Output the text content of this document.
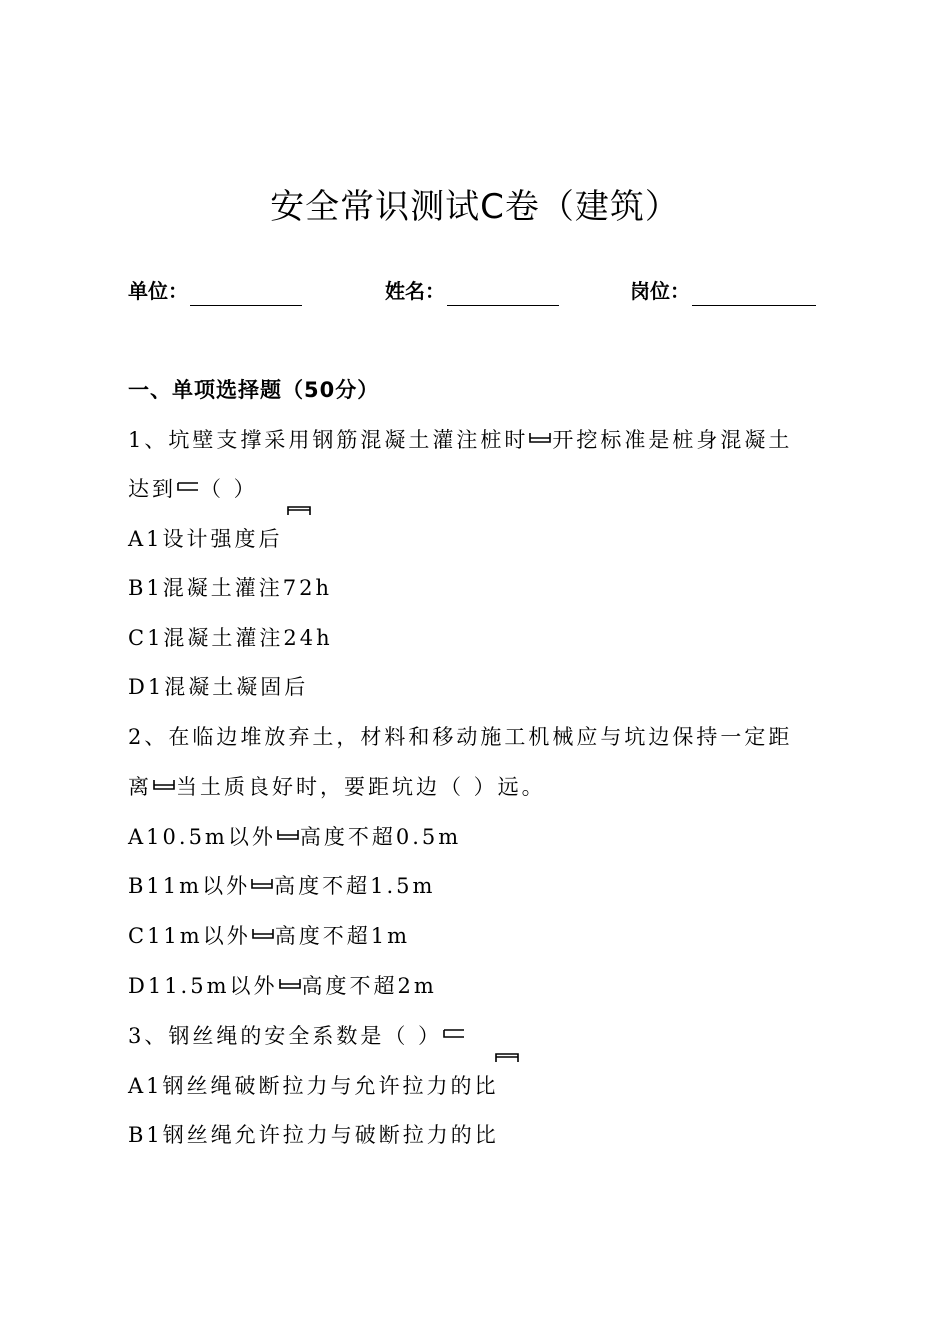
安全常识测试C卷（建筑）
单位：	姓名：	岗位：
一、单项选择题（50分）
1、坑壁支撑采用钢筋混凝土灌注桩时 开挖标准是桩身混凝土
达到 （ ）
A1设计强度后
B1混凝土灌注72h
C1混凝土灌注24h
D1混凝土凝固后
2、在临边堆放弃土，材料和移动施工机械应与坑边保持一定距
离 当土质良好时，要距坑边（ ）远。
A10.5m以外 高度不超0.5m
B11m以外 高度不超1.5m
C11m以外 高度不超1m
D11.5m以外 高度不超2m
3、钢丝绳的安全系数是（ ）
A1钢丝绳破断拉力与允许拉力的比
B1钢丝绳允许拉力与破断拉力的比
